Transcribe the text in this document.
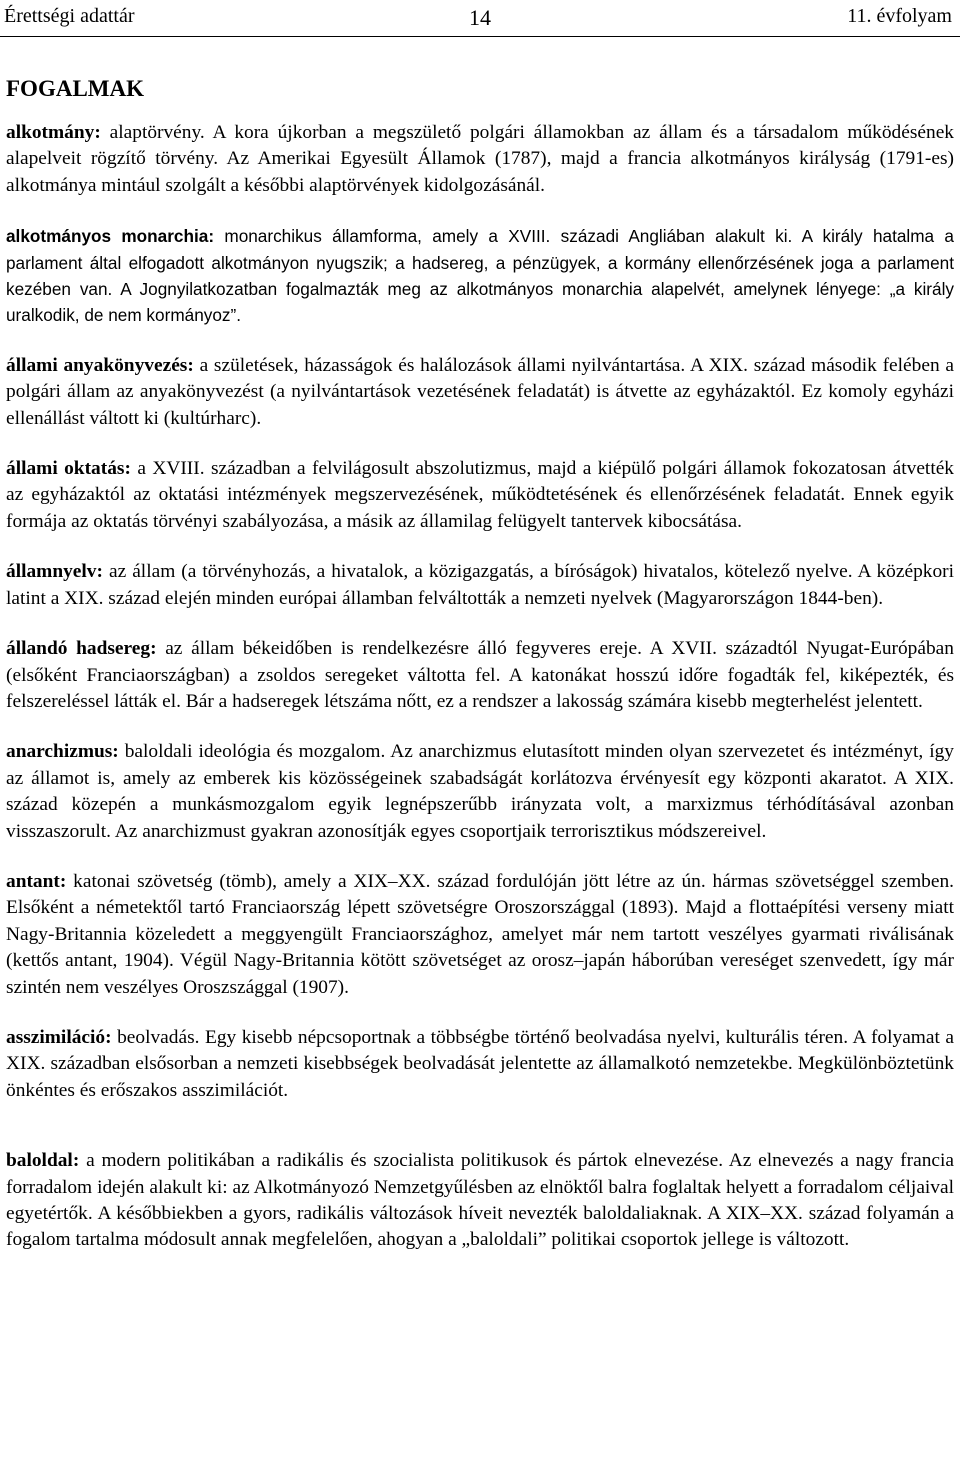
Érettségi adattár	14	11. évfolyam
FOGALMAK

alkotmány: alaptörvény. A kora újkorban a megszülető polgári államokban az állam és a társadalom működésének alapelveit rögzítő törvény. Az Amerikai Egyesült Államok (1787), majd a francia alkotmányos királyság (1791-es) alkotmánya mintául szolgált a későbbi alaptörvények kidolgozásánál.

alkotmányos monarchia: monarchikus államforma, amely a XVIII. századi Angliában alakult ki. A király hatalma a parlament által elfogadott alkotmányon nyugszik; a hadsereg, a pénzügyek, a kormány ellenőrzésének joga a parlament kezében van. A Jognyilatkozatban fogalmazták meg az alkotmányos monarchia alapelvét, amelynek lényege: „a király uralkodik, de nem kormányoz”.

állami anyakönyvezés: a születések, házasságok és halálozások állami nyilvántartása. A XIX. század második felében a polgári állam az anyakönyvezést (a nyilvántartások vezetésének feladatát) is átvette az egyházaktól. Ez komoly egyházi ellenállást váltott ki (kultúrharc).

állami oktatás: a XVIII. században a felvilágosult abszolutizmus, majd a kiépülő polgári államok fokozatosan átvették az egyházaktól az oktatási intézmények megszervezésének, működtetésének és ellenőrzésének feladatát. Ennek egyik formája az oktatás törvényi szabályozása, a másik az államilag felügyelt tantervek kibocsátása.

államnyelv: az állam (a törvényhozás, a hivatalok, a közigazgatás, a bíróságok) hivatalos, kötelező nyelve. A középkori latint a XIX. század elején minden európai államban felváltották a nemzeti nyelvek (Magyarországon 1844-ben).

állandó hadsereg: az állam békeidőben is rendelkezésre álló fegyveres ereje. A XVII. századtól Nyugat-Európában (elsőként Franciaországban) a zsoldos seregeket váltotta fel. A katonákat hosszú időre fogadták fel, kiképezték, és felszereléssel látták el. Bár a hadseregek létszáma nőtt, ez a rendszer a lakosság számára kisebb megterhelést jelentett.

anarchizmus: baloldali ideológia és mozgalom. Az anarchizmus elutasított minden olyan szervezetet és intézményt, így az államot is, amely az emberek kis közösségeinek szabadságát korlátozva érvényesít egy központi akaratot. A XIX. század közepén a munkásmozgalom egyik legnépszerűbb irányzata volt, a marxizmus térhódításával azonban visszaszorult. Az anarchizmust gyakran azonosítják egyes csoportjaik terrorisztikus módszereivel.

antant: katonai szövetség (tömb), amely a XIX–XX. század fordulóján jött létre az ún. hármas szövetséggel szemben. Elsőként a németektől tartó Franciaország lépett szövetségre Oroszországgal (1893). Majd a flottaépítési verseny miatt Nagy-Britannia közeledett a meggyengült Franciaországhoz, amelyet már nem tartott veszélyes gyarmati riválisának (kettős antant, 1904). Végül Nagy-Britannia kötött szövetséget az orosz–japán háborúban vereséget szenvedett, így már szintén nem veszélyes Oroszszággal (1907).

asszimiláció: beolvadás. Egy kisebb népcsoportnak a többségbe történő beolvadása nyelvi, kulturális téren. A folyamat a XIX. században elsősorban a nemzeti kisebbségek beolvadását jelentette az államalkotó nemzetekbe. Megkülönböztetünk önkéntes és erőszakos asszimilációt.

baloldal: a modern politikában a radikális és szocialista politikusok és pártok elnevezése. Az elnevezés a nagy francia forradalom idején alakult ki: az Alkotmányozó Nemzetgyűlésben az elnöktől balra foglaltak helyett a forradalom céljaival egyetértők. A későbbiekben a gyors, radikális változások híveit nevezték baloldaliaknak. A XIX–XX. század folyamán a fogalom tartalma módosult annak megfelelően, ahogyan a „baloldali” politikai csoportok jellege is változott.
